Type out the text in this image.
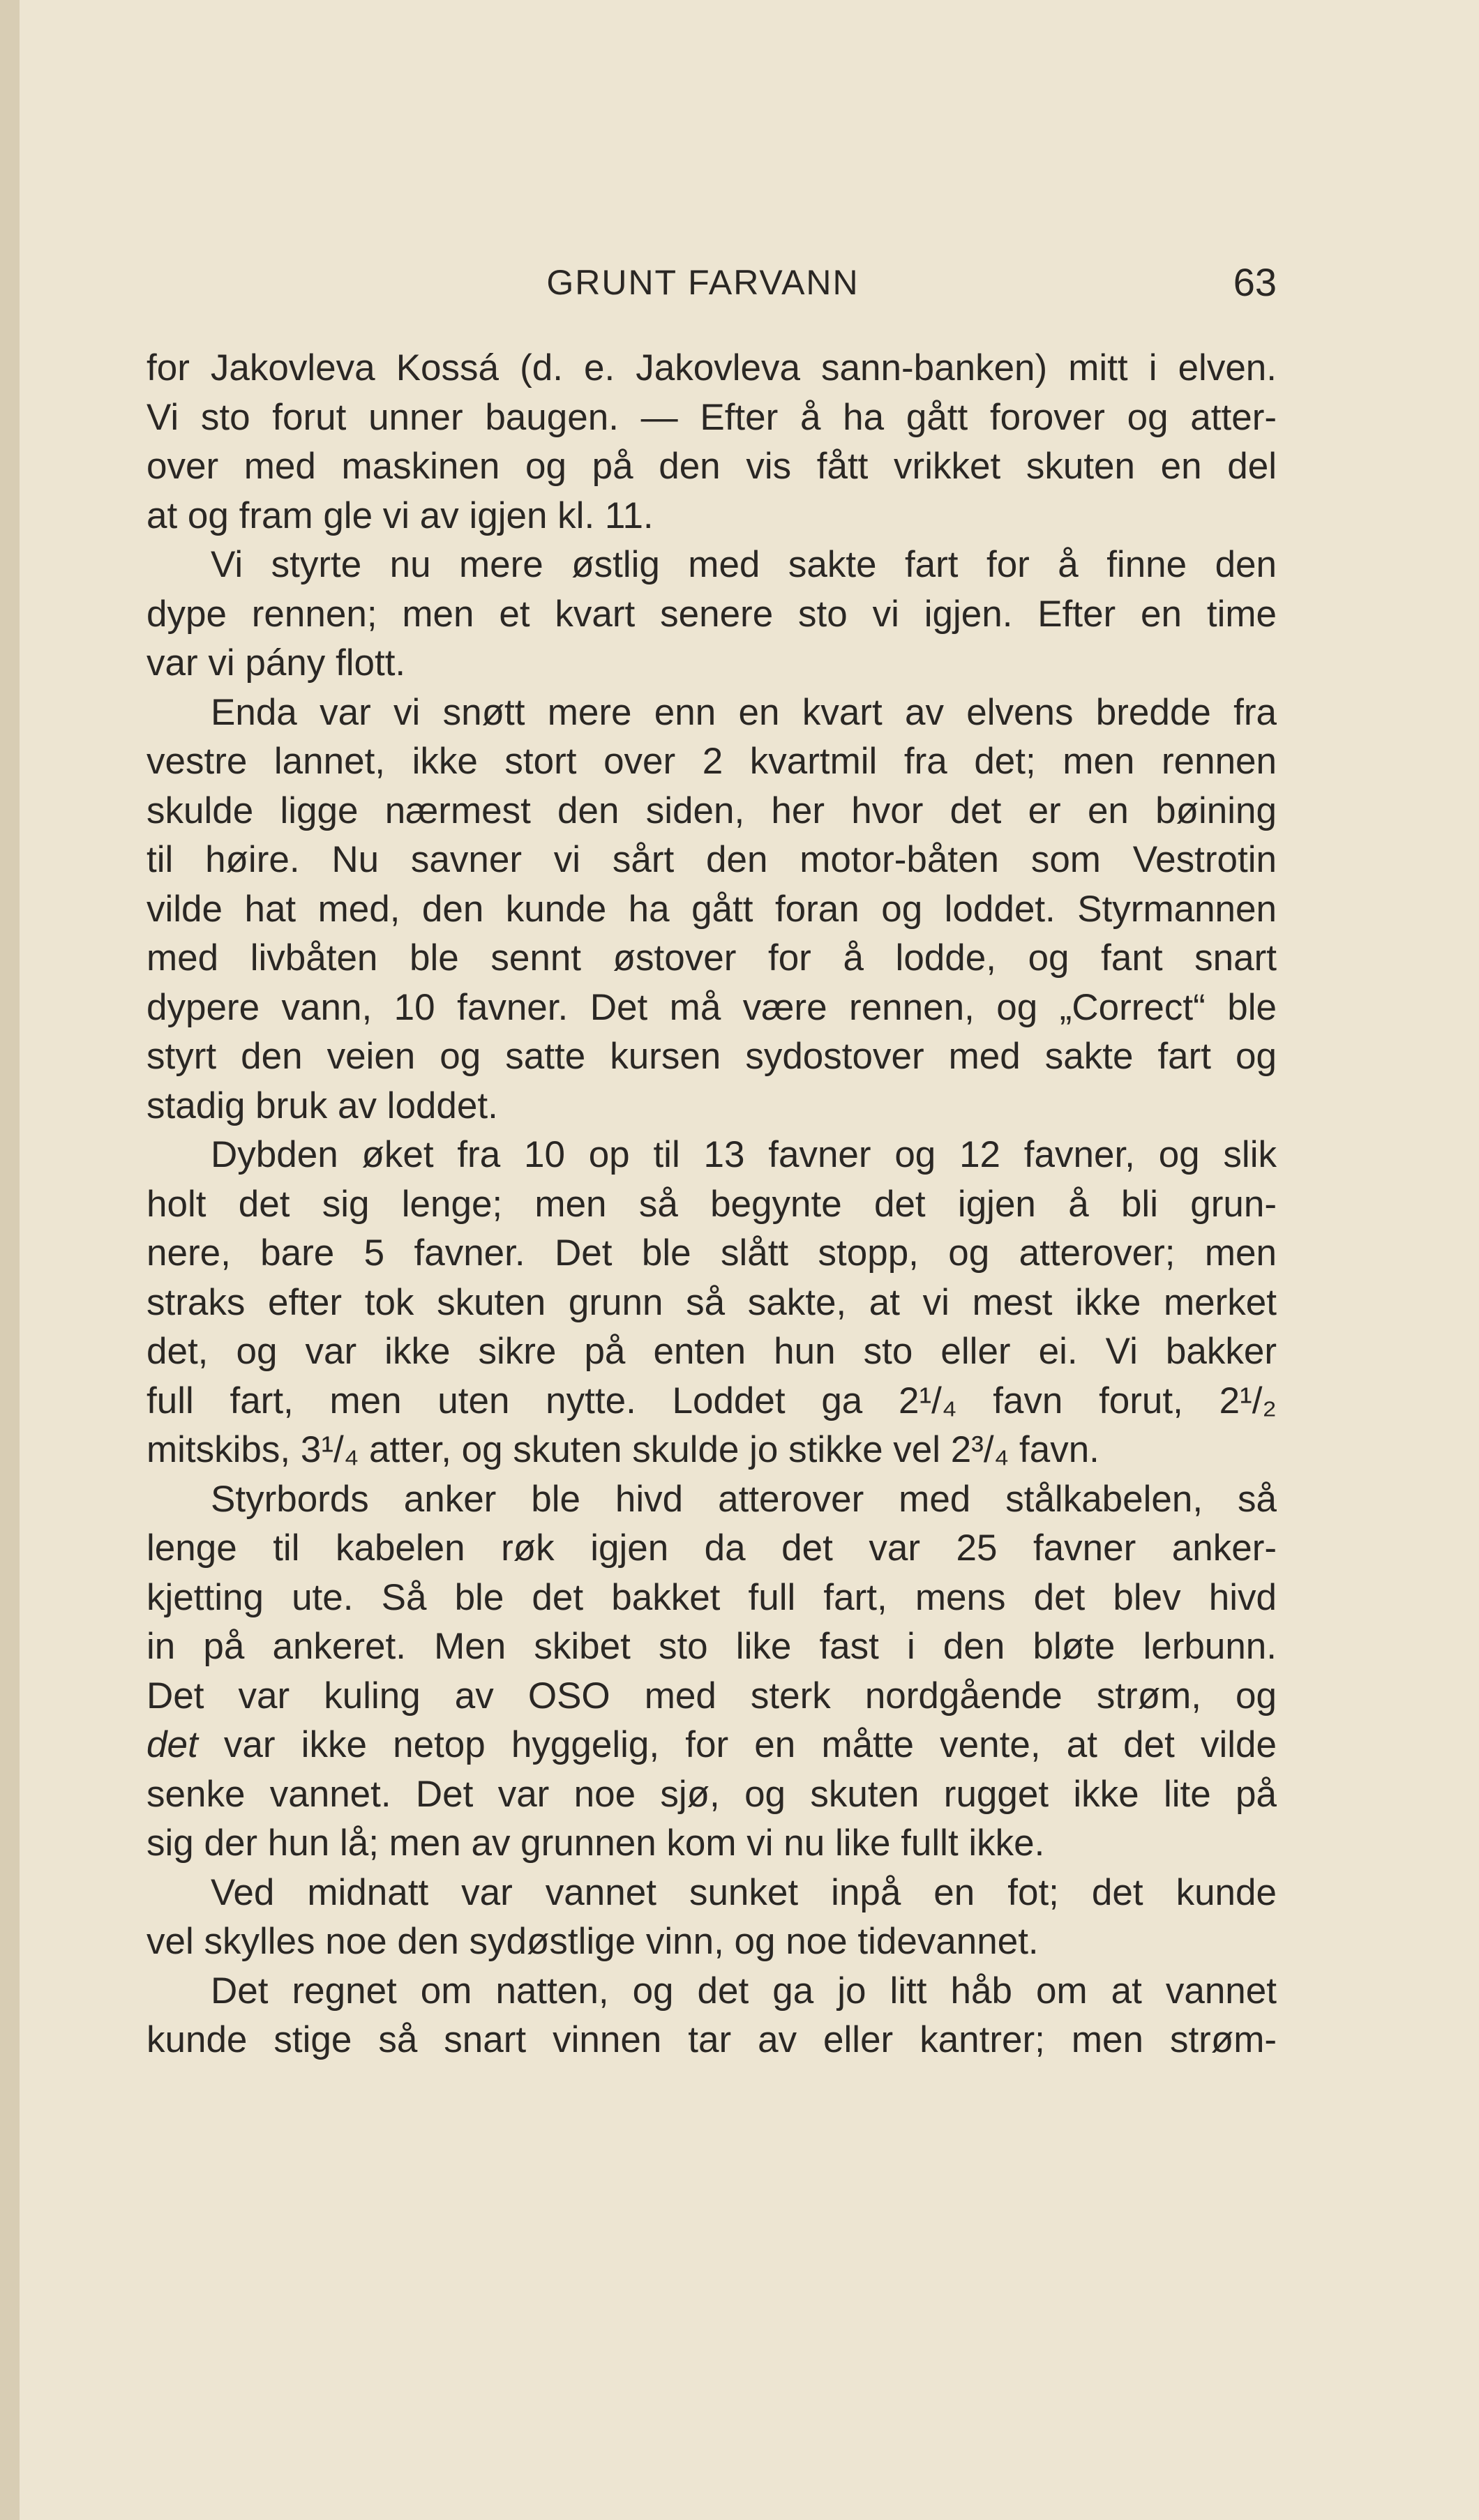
GRUNT FARVANN	63
for Jakovleva Kossá (d. e. Jakovleva sann-banken) mitt i elven.
Vi sto forut unner baugen. — Efter å ha gått forover og atter-
over med maskinen og på den vis fått vrikket skuten en del
at og fram gle vi av igjen kl. 11.
Vi styrte nu mere østlig med sakte fart for å finne den
dype rennen; men et kvart senere sto vi igjen. Efter en time
var vi pány flott.
Enda var vi snøtt mere enn en kvart av elvens bredde fra
vestre lannet, ikke stort over 2 kvartmil fra det; men rennen
skulde ligge nærmest den siden, her hvor det er en bøining
til høire. Nu savner vi sårt den motor-båten som Vestrotin
vilde hat med, den kunde ha gått foran og loddet. Styrmannen
med livbåten ble sennt østover for å lodde, og fant snart
dypere vann, 10 favner. Det må være rennen, og „Correct“ ble
styrt den veien og satte kursen sydostover med sakte fart og
stadig bruk av loddet.
Dybden øket fra 10 op til 13 favner og 12 favner, og slik
holt det sig lenge; men så begynte det igjen å bli grun-
nere, bare 5 favner. Det ble slått stopp, og atterover; men
straks efter tok skuten grunn så sakte, at vi mest ikke merket
det, og var ikke sikre på enten hun sto eller ei. Vi bakker
full fart, men uten nytte. Loddet ga 2¹/₄ favn forut, 2¹/₂
mitskibs, 3¹/₄ atter, og skuten skulde jo stikke vel 2³/₄ favn.
Styrbords anker ble hivd atterover med stålkabelen, så
lenge til kabelen røk igjen da det var 25 favner anker-
kjetting ute. Så ble det bakket full fart, mens det blev hivd
in på ankeret. Men skibet sto like fast i den bløte lerbunn.
Det var kuling av OSO med sterk nordgående strøm, og
det var ikke netop hyggelig, for en måtte vente, at det vilde
senke vannet. Det var noe sjø, og skuten rugget ikke lite på
sig der hun lå; men av grunnen kom vi nu like fullt ikke.
Ved midnatt var vannet sunket inpå en fot; det kunde
vel skylles noe den sydøstlige vinn, og noe tidevannet.
Det regnet om natten, og det ga jo litt håb om at vannet
kunde stige så snart vinnen tar av eller kantrer; men strøm-
